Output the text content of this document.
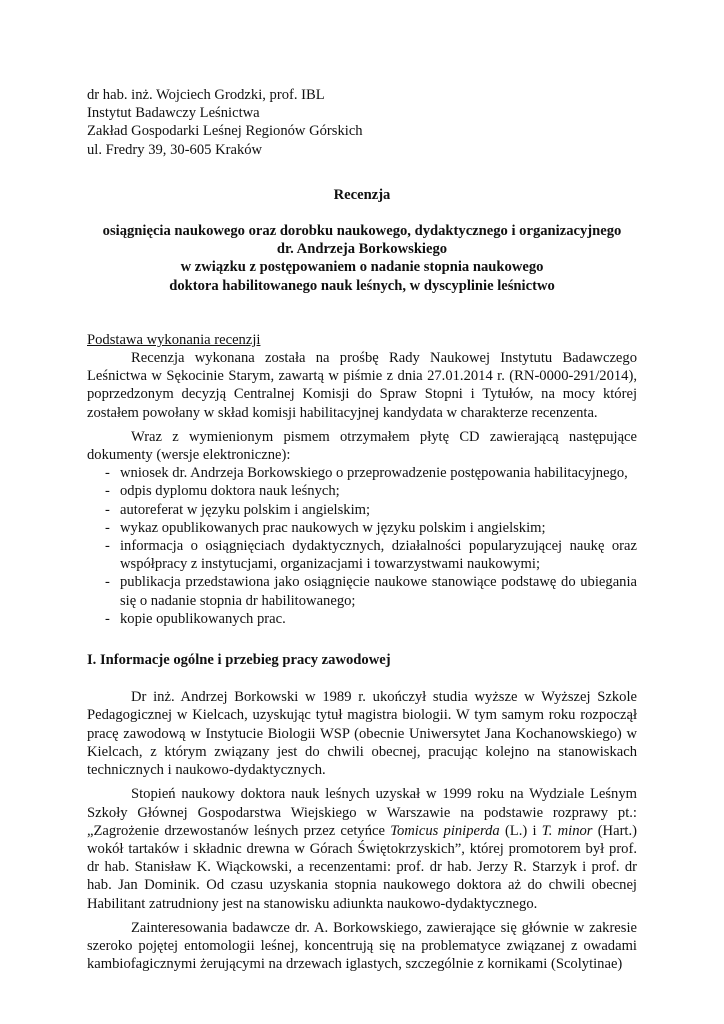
dr hab. inż. Wojciech Grodzki, prof. IBL
Instytut Badawczy Leśnictwa
Zakład Gospodarki Leśnej Regionów Górskich
ul. Fredry 39, 30-605 Kraków
Recenzja
osiągnięcia naukowego oraz dorobku naukowego, dydaktycznego i organizacyjnego
dr. Andrzeja Borkowskiego
w związku z postępowaniem o nadanie stopnia naukowego
doktora habilitowanego nauk leśnych, w dyscyplinie leśnictwo
Podstawa wykonania recenzji

Recenzja wykonana została na prośbę Rady Naukowej Instytutu Badawczego Leśnictwa w Sękocinie Starym, zawartą w piśmie z dnia 27.01.2014 r. (RN-0000-291/2014), poprzedzonym decyzją Centralnej Komisji do Spraw Stopni i Tytułów, na mocy której zostałem powołany w skład komisji habilitacyjnej kandydata w charakterze recenzenta.

Wraz z wymienionym pismem otrzymałem płytę CD zawierającą następujące dokumenty (wersje elektroniczne):

- wniosek dr. Andrzeja Borkowskiego o przeprowadzenie postępowania habilitacyjnego,
- odpis dyplomu doktora nauk leśnych;
- autoreferat w języku polskim i angielskim;
- wykaz opublikowanych prac naukowych w języku polskim i angielskim;
- informacja o osiągnięciach dydaktycznych, działalności popularyzującej naukę oraz współpracy z instytucjami, organizacjami i towarzystwami naukowymi;
- publikacja przedstawiona jako osiągnięcie naukowe stanowiące podstawę do ubiegania się o nadanie stopnia dr habilitowanego;
- kopie opublikowanych prac.
I. Informacje ogólne i przebieg pracy zawodowej

Dr inż. Andrzej Borkowski w 1989 r. ukończył studia wyższe w Wyższej Szkole Pedagogicznej w Kielcach, uzyskując tytuł magistra biologii. W tym samym roku rozpoczął pracę zawodową w Instytucie Biologii WSP (obecnie Uniwersytet Jana Kochanowskiego) w Kielcach, z którym związany jest do chwili obecnej, pracując kolejno na stanowiskach technicznych i naukowo-dydaktycznych.

Stopień naukowy doktora nauk leśnych uzyskał w 1999 roku na Wydziale Leśnym Szkoły Głównej Gospodarstwa Wiejskiego w Warszawie na podstawie rozprawy pt.: „Zagrożenie drzewostanów leśnych przez cetyńce Tomicus piniperda (L.) i T. minor (Hart.) wokół tartaków i składnic drewna w Górach Świętokrzyskich”, której promotorem był prof. dr hab. Stanisław K. Wiąckowski, a recenzentami: prof. dr hab. Jerzy R. Starzyk i prof. dr hab. Jan Dominik. Od czasu uzyskania stopnia naukowego doktora aż do chwili obecnej Habilitant zatrudniony jest na stanowisku adiunkta naukowo-dydaktycznego.

Zainteresowania badawcze dr. A. Borkowskiego, zawierające się głównie w zakresie szeroko pojętej entomologii leśnej, koncentrują się na problematyce związanej z owadami kambiofagicznymi żerującymi na drzewach iglastych, szczególnie z kornikami (Scolytinae)
